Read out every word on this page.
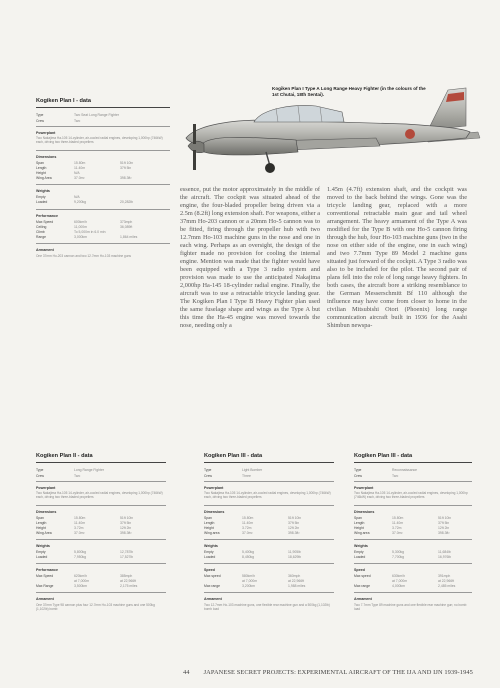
Kogiken Plan I - data
Type	Two Seat Long Range Fighter
Crew	Two
Powerplant
Two Nakajima Ha-105 14-cylinder, air-cooled radial engines, developing 1,000hp (746kW) each, driving two three-bladed propellers
Dimensions
Span	15.80m	51ft 10in
Length	11.40m	37ft 5in
Height	N/A
Wing Area	37.0m²	398.3ft²
Weights
Empty	N/A
Loaded	9,200kg	20,282lb
Performance
Max Speed	600km/h	373mph
Ceiling	11,000m	36,089ft
Climb	To 5,000m in 6.0 min
Range	3,000km	1,864 miles
Armament
One 37mm Ho-203 cannon and two 12.7mm Ho-103 machine guns
Kogiken Plan I Type A Long Range Heavy Fighter (in the colours of the 1st Chutai, 18th Sentai).
essence, put the motor approximately in the middle of the aircraft. The cockpit was situated ahead of the engine, the four-bladed propeller being driven via a 2.5m (8.2ft) long extension shaft. For weapons, either a 37mm Ho-203 cannon or a 20mm Ho-5 cannon was to be fitted, firing through the propeller hub with two 12.7mm Ho-103 machine guns in the nose and one in each wing. Perhaps as an oversight, the design of the fighter made no provision for cooling the internal engine. Mention was made that the fighter would have been equipped with a Type 3 radio system and provision was made to use the anticipated Nakajima 2,000hp Ha-145 18-cylinder radial engine. Finally, the aircraft was to use a retractable tricycle landing gear. The Kogiken Plan I Type B Heavy Fighter plan used the same fuselage shape and wings as the Type A but this time the Ha-45 engine was moved towards the nose, needing only a
1.45m (4.7ft) extension shaft, and the cockpit was moved to the back behind the wings. Gone was the tricycle landing gear, replaced with a more conventional retractable main gear and tail wheel arrangement. The heavy armament of the Type A was modified for the Type B with one Ho-5 cannon firing through the hub, four Ho-103 machine guns (two in the nose on either side of the engine, one in each wing) and two 7.7mm Type 89 Model 2 machine guns situated just forward of the cockpit. A Type 3 radio was also to be included for the pilot. The second pair of plans fell into the role of long range heavy fighters. In both cases, the aircraft bore a striking resemblance to the German Messerschmitt Bf 110 although the influence may have come from closer to home in the civilian Mitsubishi Otori (Phoenix) long range communication aircraft built in 1936 for the Asahi Shimbun newspa-
Kogiken Plan II - data
Type	Long Range Fighter
Crew	Two
Powerplant
Two Nakajima Ha-105 14-cylinder, air-cooled radial engines, developing 1,000hp (746kW) each, driving two three-bladed propellers
Dimensions
Span	15.80m	51ft 10in
Length	11.40m	37ft 5in
Height	3.72m	12ft 2in
Wing Area	37.0m²	398.3ft²
Weights
Empty	5,800kg	12,787lb
Loaded	7,950kg	17,527lb
Performance
Max Speed	620km/h	385mph
at 7,000m	at 22,966ft
Max Range	3,500km	2,175 miles
Armament
One 37mm Type 98 cannon plus four 12.7mm Ho-103 machine guns and one 500kg (1,102lb) bomb
Kogiken Plan III - data
Type	Light Bomber
Crew	Three
Powerplant
Two Nakajima Ha-105 14-cylinder, air-cooled radial engines, developing 1,000hp (746kW) each, driving two three-bladed propellers
Dimensions
Span	15.80m	51ft 10in
Length	11.40m	37ft 5in
Height	3.72m	12ft 2in
Wing area	37.0m²	398.3ft²
Weights
Empty	5,400kg	11,905lb
Loaded	8,450kg	18,629lb
Speed
Max speed	580km/h	360mph
at 7,000m	at 22,966ft
Max range	3,200km	1,988 miles
Armament
Two 12.7mm Ho-103 machine guns, one flexible rear machine gun and a 500kg (1,102lb) bomb load
Kogiken Plan III - data
Type	Reconnaissance
Crew	Two
Powerplant
Two Nakajima Ha-105 14-cylinder, air-cooled radial engines, developing 1,000hp (746kW) each, driving two three-bladed propellers
Dimensions
Span	15.80m	51ft 10in
Length	11.40m	37ft 5in
Height	3.72m	12ft 2in
Wing area	37.0m²	398.3ft²
Weights
Empty	5,300kg	11,684lb
Loaded	7,700kg	16,976lb
Speed
Max speed	630km/h	391mph
at 7,000m	at 22,966ft
Max range	4,000km	2,485 miles
Armament
Two 7.7mm Type 89 machine guns and one flexible rear machine gun; no bomb load
44 JAPANESE SECRET PROJECTS: EXPERIMENTAL AIRCRAFT OF THE IJA AND IJN 1939-1945
